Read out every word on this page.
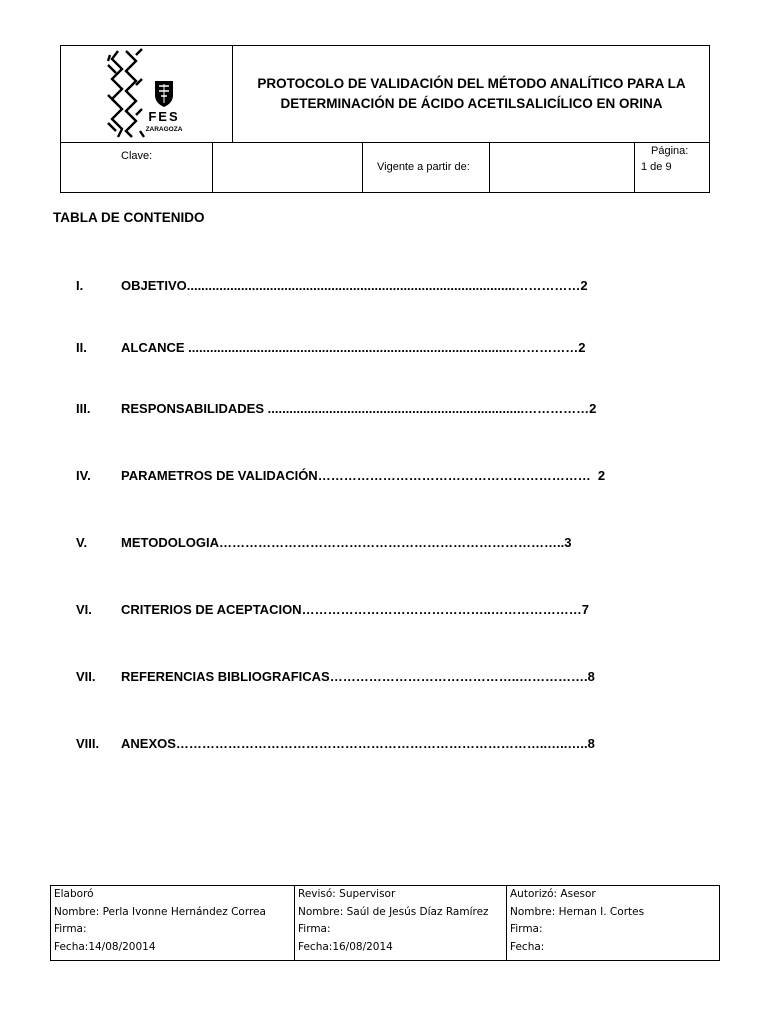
FES
ZARAGOZA
PROTOCOLO DE VALIDACIÓN DEL MÉTODO ANALÍTICO PARA LA
DETERMINACIÓN DE ÁCIDO ACETILSALICÍLICO EN ORINA
Clave:
Vigente a partir de:
Página:
1 de 9
TABLA DE CONTENIDO
I.	OBJETIVO...........................................................................................……………2
II.	ALCANCE ..........................................................................................……………2
III. RESPONSABILIDADES .......................................................................……………2
IV. PARAMETROS DE VALIDACIÓN………………………………………………………  2
V.	METODOLOGIA……………………………………………………………………..3
VI. CRITERIOS DE ACEPTACION……………………………………..…………………7
VII. REFERENCIAS BIBLIOGRAFICAS……………………………………..…………….8
VIII. ANEXOS…………………………………………………………………………..…..…..8
Elaboró
Nombre: Perla Ivonne Hernández Correa
Firma:
Fecha:14/08/20014
Revisó: Supervisor
Nombre: Saúl de Jesús Díaz Ramírez
Firma:
Fecha:16/08/2014
Autorizó: Asesor
Nombre: Hernan I. Cortes
Firma:
Fecha:
